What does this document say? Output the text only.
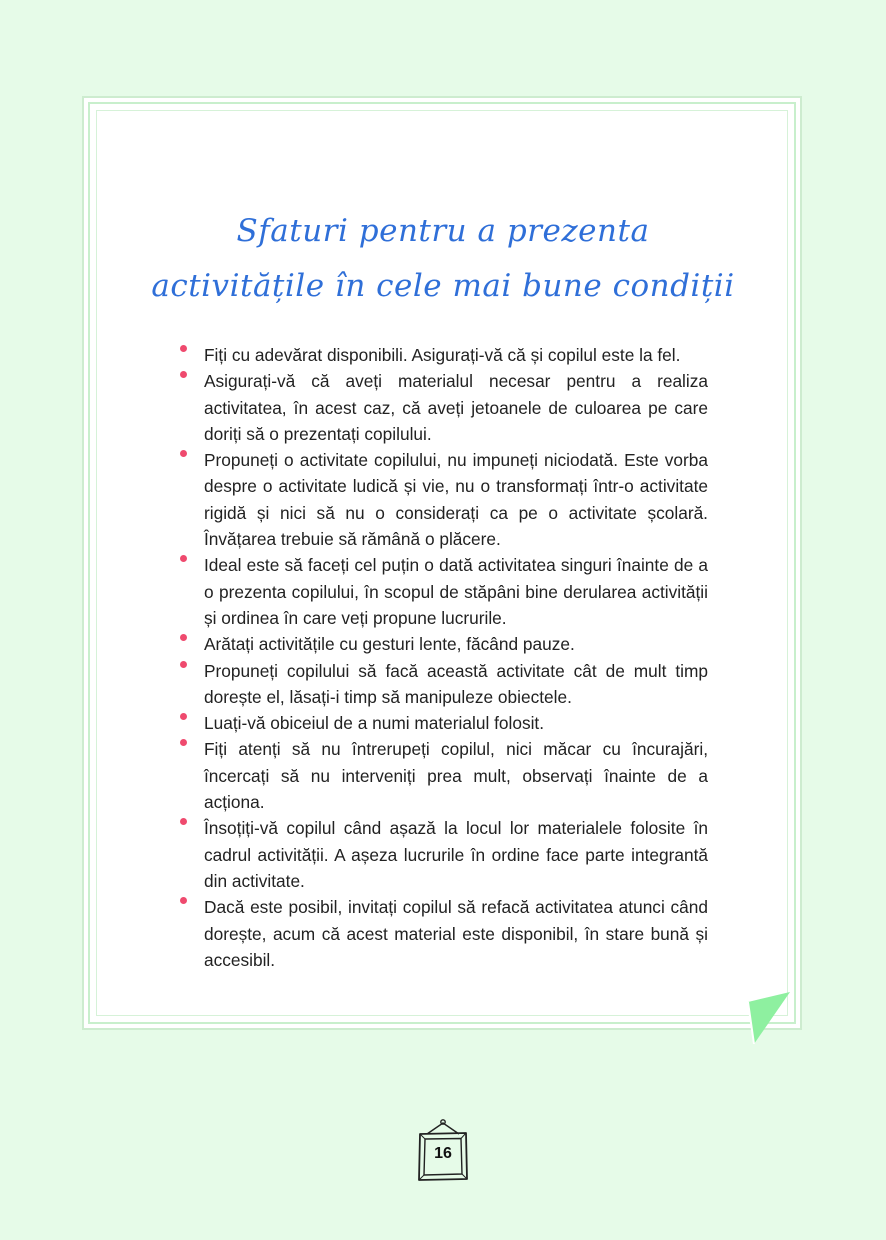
Sfaturi pentru a prezenta
activitățile în cele mai bune condiții
Fiți cu adevărat disponibili. Asigurați-vă că și copilul este la fel.
Asigurați-vă că aveți materialul necesar pentru a realiza activitatea, în acest caz, că aveți jetoanele de culoarea pe care doriți să o prezentați copilului.
Propuneți o activitate copilului, nu impuneți niciodată. Este vorba despre o activitate ludică și vie, nu o transformați într-o activitate rigidă și nici să nu o considerați ca pe o activitate școlară. Învățarea trebuie să rămână o plăcere.
Ideal este să faceți cel puțin o dată activitatea singuri înainte de a o prezenta copilului, în scopul de stăpâni bine derularea activității și ordinea în care veți propune lucrurile.
Arătați activitățile cu gesturi lente, făcând pauze.
Propuneți copilului să facă această activitate cât de mult timp dorește el, lăsați-i timp să manipuleze obiectele.
Luați-vă obiceiul de a numi materialul folosit.
Fiți atenți să nu întrerupeți copilul, nici măcar cu încurajări, încercați să nu interveniți prea mult, observați înainte de a acționa.
Însoțiți-vă copilul când așază la locul lor materialele folosite în cadrul activității. A așeza lucrurile în ordine face parte integrantă din activitate.
Dacă este posibil, invitați copilul să refacă activitatea atunci când dorește, acum că acest material este disponibil, în stare bună și accesibil.
16
